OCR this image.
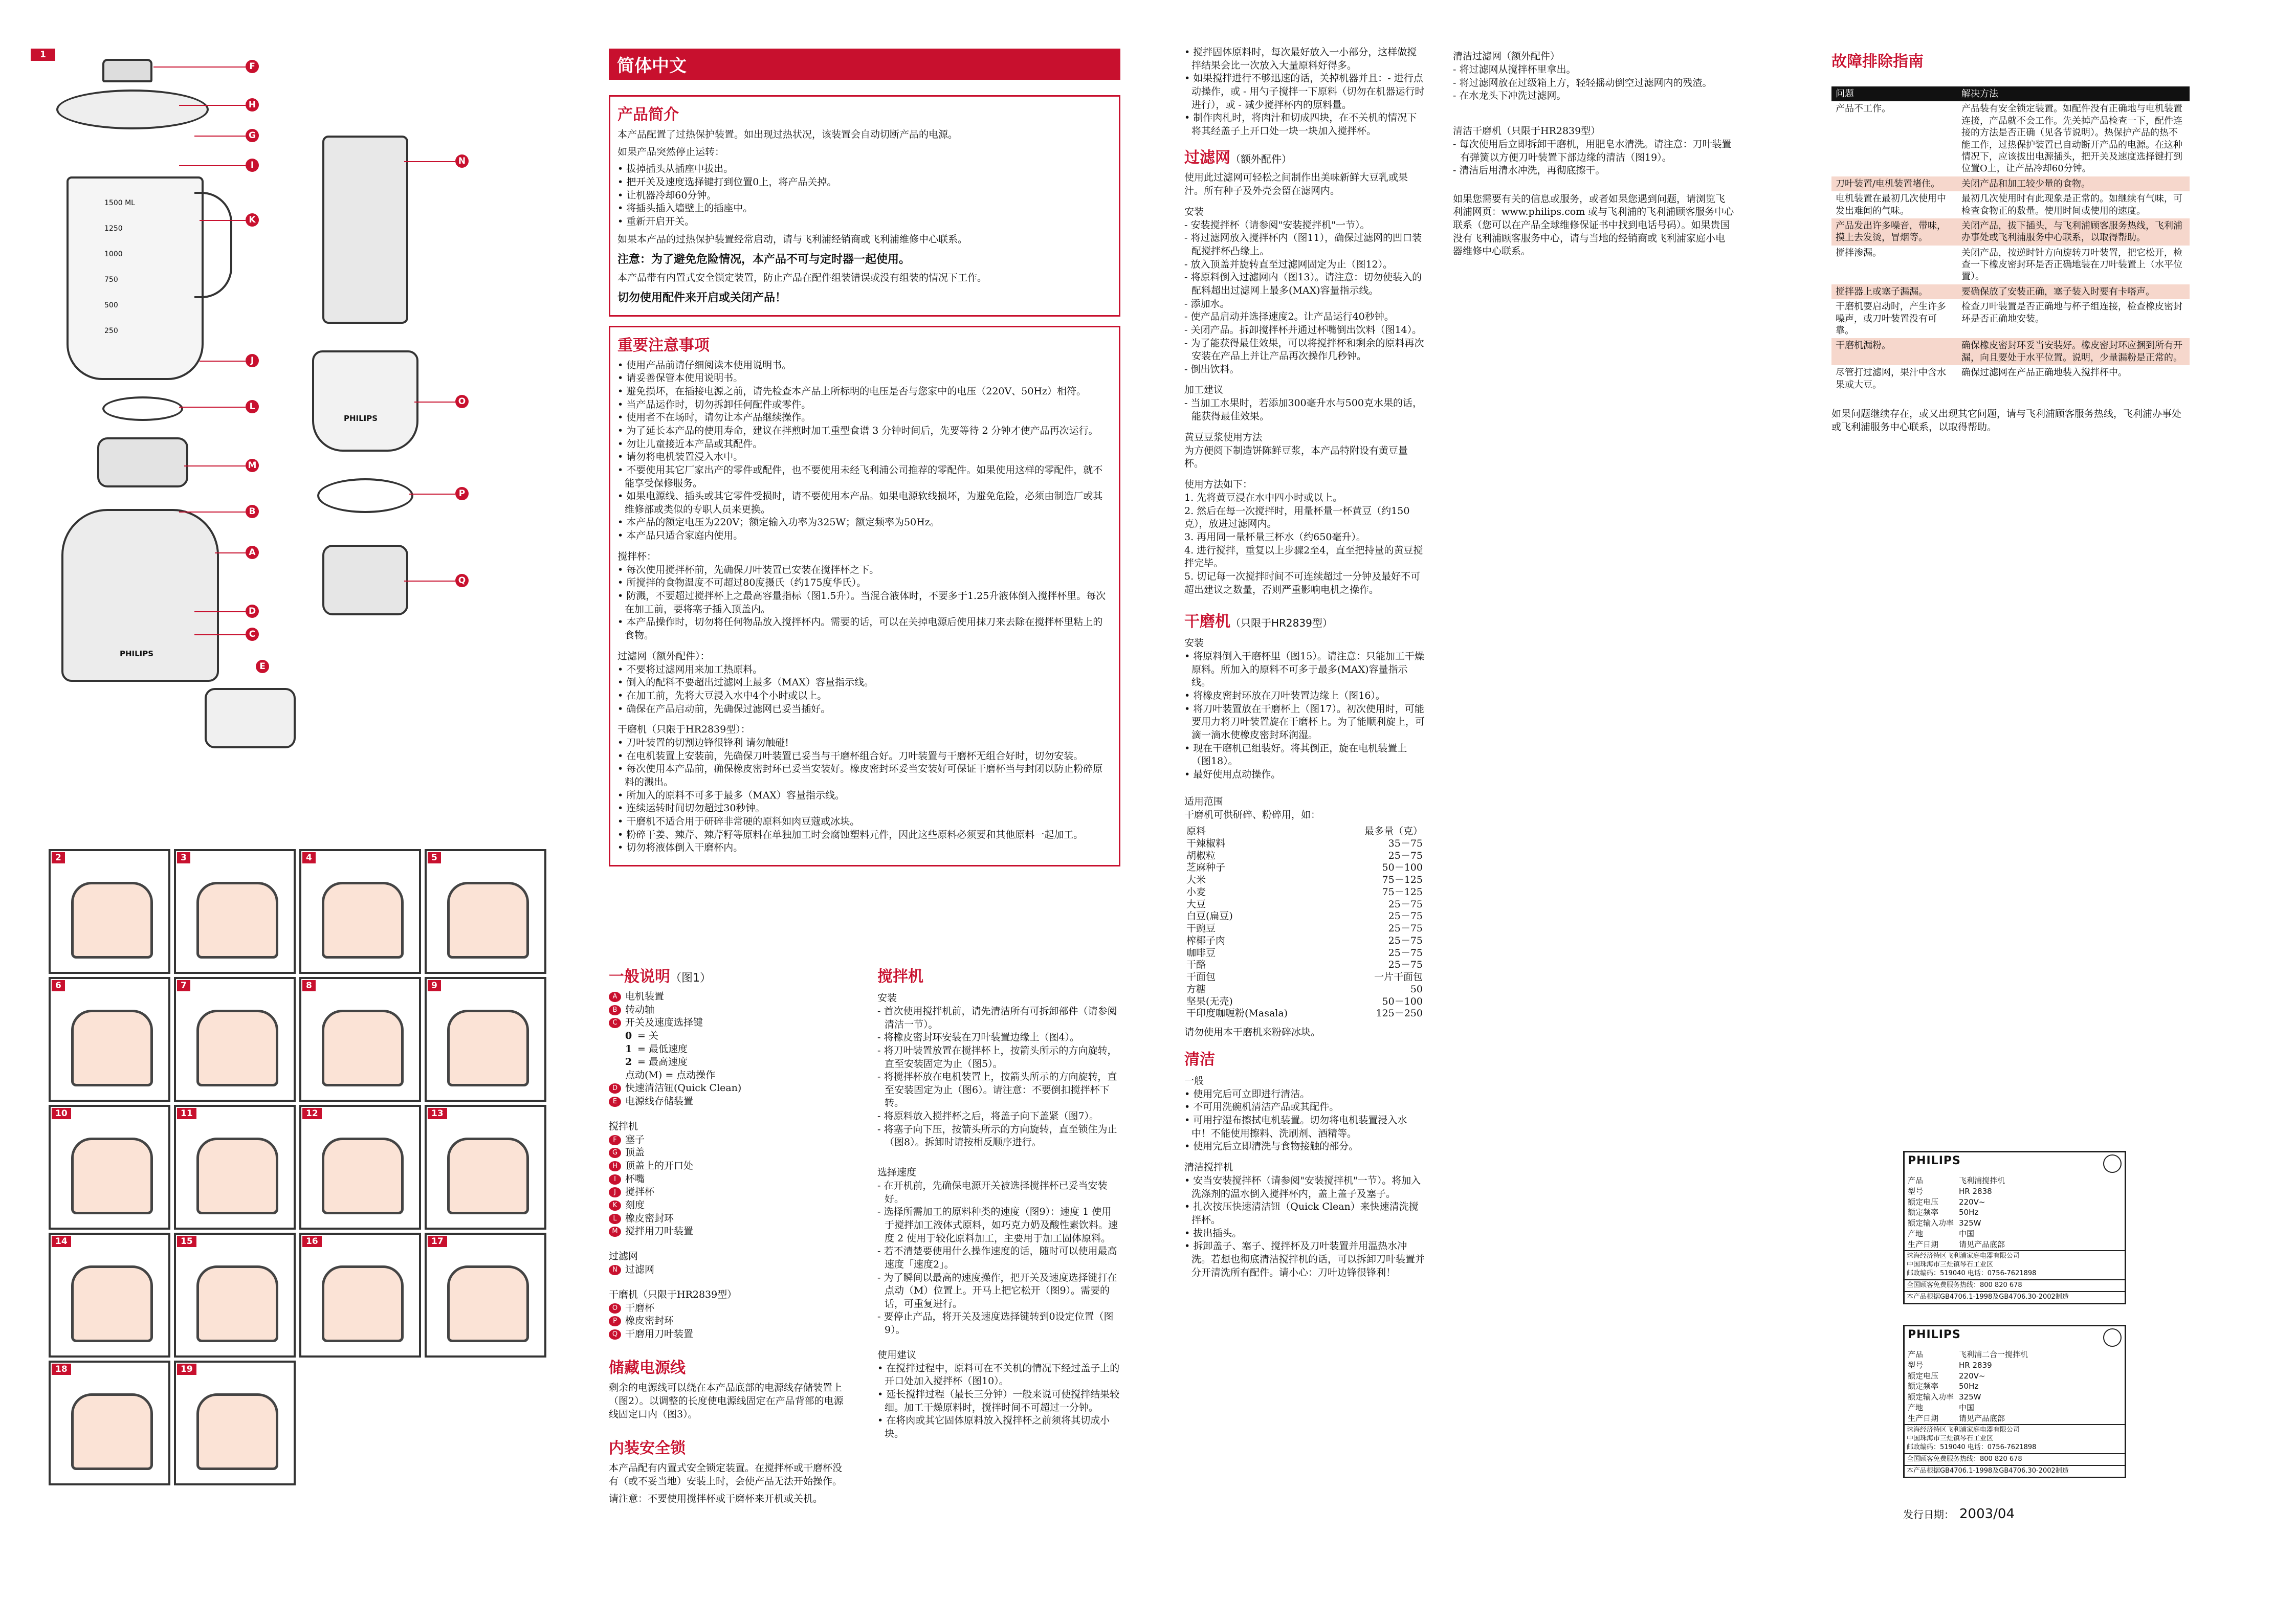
1
1500 ML
1250
1000
750
500
250
PHILIPS
PHILIPS
F
H
G
I
K
J
L
M
B
A
D
C
E
N
O
P
Q
2	3	4	5
6	7	8	9
10	11	12	13
14	15	16	17
18	19
简体中文
产品简介

本产品配置了过热保护装置。如出现过热状况，该装置会自动切断产品的电源。

如果产品突然停止运转：

• 拔掉插头从插座中拔出。
• 把开关及速度选择键打到位置0上，将产品关掉。
• 让机器冷却60分钟。
• 将插头插入墙壁上的插座中。
• 重新开启开关。

如果本产品的过热保护装置经常启动，请与飞利浦经销商或飞利浦维修中心联系。

注意：为了避免危险情况，本产品不可与定时器一起使用。

本产品带有内置式安全锁定装置，防止产品在配件组装错误或没有组装的情况下工作。

切勿使用配件来开启或关闭产品！
重要注意事项
• 使用产品前请仔细阅读本使用说明书。
• 请妥善保管本使用说明书。
• 避免损坏，在插接电源之前，请先检查本产品上所标明的电压是否与您家中的电压（220V、50Hz）相符。
• 当产品运作时，切勿拆卸任何配件或零件。
• 使用者不在场时，请勿让本产品继续操作。
• 为了延长本产品的使用寿命，建议在拌煎时加工重型食谱 3 分钟时间后，先要等待 2 分钟才使产品再次运行。
• 勿让儿童接近本产品或其配件。
• 请勿将电机装置浸入水中。
• 不要使用其它厂家出产的零件或配件，也不要使用未经飞利浦公司推荐的零配件。如果使用这样的零配件，就不能享受保修服务。
• 如果电源线、插头或其它零件受损时，请不要使用本产品。如果电源软线损坏，为避免危险，必须由制造厂或其维修部或类似的专职人员来更换。
• 本产品的额定电压为220V；额定输入功率为325W；额定频率为50Hz。
• 本产品只适合家庭内使用。
搅拌杯：
• 每次使用搅拌杯前，先确保刀叶装置已安装在搅拌杯之下。
• 所搅拌的食物温度不可超过80度摄氏（约175度华氏）。
• 防溅，不要超过搅拌杯上之最高容量指标（图1.5升）。当混合液体时，不要多于1.25升液体倒入搅拌杯里。每次在加工前，要将塞子插入顶盖内。
• 本产品操作时，切勿将任何物品放入搅拌杯内。需要的话，可以在关掉电源后使用抹刀来去除在搅拌杯里粘上的食物。
过滤网（额外配件）：
• 不要将过滤网用来加工热原料。
• 倒入的配料不要超出过滤网上最多（MAX）容量指示线。
• 在加工前，先将大豆浸入水中4个小时或以上。
• 确保在产品启动前，先确保过滤网已妥当插好。
干磨机（只限于HR2839型）：
• 刀叶装置的切割边锋很锋利 请勿触碰!
• 在电机装置上安装前，先确保刀叶装置已妥当与干磨杯组合好。刀叶装置与干磨杯无组合好时，切勿安装。
• 每次使用本产品前，确保橡皮密封环已妥当安装好。橡皮密封环妥当安装好可保证干磨杯当与封闭以防止粉碎原料的溅出。
• 所加入的原料不可多于最多（MAX）容量指示线。
• 连续运转时间切勿超过30秒钟。
• 干磨机不适合用于研碎非常硬的原料如肉豆蔻或冰块。
• 粉碎干姜、辣芹、辣芹籽等原料在单独加工时会腐蚀塑料元件，因此这些原料必须要和其他原料一起加工。
• 切勿将液体倒入干磨杯内。
一般说明（图1）
A 电机装置
B 转动轴
C 开关及速度选择键
0 = 关
1 = 最低速度
2 = 最高速度
点动(M) = 点动操作
D 快速清洁钮(Quick Clean)
E 电源线存储装置
搅拌机
F 塞子
G 顶盖
H 顶盖上的开口处
I 杯嘴
J 搅拌杯
K 刻度
L 橡皮密封环
M 搅拌用刀叶装置
过滤网
N 过滤网
干磨机（只限于HR2839型）
O 干磨杯
P 橡皮密封环
Q 干磨用刀叶装置
储藏电源线

剩余的电源线可以绕在本产品底部的电源线存储装置上（图2）。以调整的长度使电源线固定在产品背部的电源线固定口内（图3）。

内装安全锁

本产品配有内置式安全锁定装置。在搅拌杯或干磨杯没有（或不妥当地）安装上时，会使产品无法开始操作。

请注意：不要使用搅拌杯或干磨杯来开机或关机。

搅拌机
安装
- 首次使用搅拌机前，请先清洁所有可拆卸部件（请参阅清洁一节）。
- 将橡皮密封环安装在刀叶装置边缘上（图4）。
- 将刀叶装置放置在搅拌杯上，按箭头所示的方向旋转，直至安装固定为止（图5）。
- 将搅拌杯放在电机装置上，按箭头所示的方向旋转，直至安装固定为止（图6）。请注意：不要倒扣搅拌杯下转。
- 将原料放入搅拌杯之后，将盖子向下盖紧（图7）。
- 将塞子向下压，按箭头所示的方向旋转，直至锁住为止（图8）。拆卸时请按相反顺序进行。
选择速度
- 在开机前，先确保电源开关被选择搅拌杯已妥当安装好。
- 选择所需加工的原料种类的速度（图9）：速度 1 使用于搅拌加工液体式原料，如巧克力奶及酸性素饮料。速度 2 使用于较化原料加工，主要用于加工固体原料。
- 若不清楚要使用什么操作速度的话，随时可以使用最高速度「速度2」。
- 为了瞬间以最高的速度操作，把开关及速度选择键打在点动（M）位置上。开马上把它松开（图9）。需要的话，可重复进行。
- 要停止产品，将开关及速度选择键转到0设定位置（图9）。
使用建议
• 在搅拌过程中，原料可在不关机的情况下经过盖子上的开口处加入搅拌杯（图10）。
• 延长搅拌过程（最长三分钟）一般来说可使搅拌结果较细。加工干燥原料时，搅拌时间不可超过一分钟。
• 在将肉或其它固体原料放入搅拌杯之前须将其切成小块。
• 搅拌固体原料时，每次最好放入一小部分，这样做搅拌结果会比一次放入大量原料好得多。
• 如果搅拌进行不够迅速的话，关掉机器并且：- 进行点动操作，或 - 用勺子搅拌一下原料（切勿在机器运行时进行），或 - 减少搅拌杯内的原料量。
• 制作肉札时，将肉汁和切成四块，在不关机的情况下将其经盖子上开口处一块一块加入搅拌杯。
过滤网（额外配件）

使用此过滤网可轻松之间制作出美味新鲜大豆乳或果汁。所有种子及外壳会留在滤网内。

安装
- 安装搅拌杯（请参阅"安装搅拌机"一节）。
- 将过滤网放入搅拌杯内（图11），确保过滤网的凹口装配搅拌杯凸缘上。
- 放入顶盖并旋转直至过滤网固定为止（图12）。
- 将原料倒入过滤网内（图13）。请注意：切勿使装入的配料超出过滤网上最多(MAX)容量指示线。
- 添加水。
- 使产品启动并选择速度2。让产品运行40秒钟。
- 关闭产品。拆卸搅拌杯并通过杯嘴倒出饮料（图14）。
- 为了能获得最佳效果，可以将搅拌杯和剩余的原料再次安装在产品上并让产品再次操作几秒钟。
- 倒出饮料。
加工建议
- 当加工水果时，若添加300毫升水与500克水果的话，能获得最佳效果。
黄豆豆浆使用方法

为方便阅下制造饼陈鲜豆浆，本产品特附设有黄豆量杯。

使用方法如下：

1. 先将黄豆浸在水中四小时或以上。

2. 然后在每一次搅拌时，用量杯量一杯黄豆（约150克），放进过滤网内。

3. 再用同一量杯量三杯水（约650毫升）。

4. 进行搅拌，重复以上步骤2至4，直至把持量的黄豆搅拌完毕。

5. 切记每一次搅拌时间不可连续超过一分钟及最好不可超出建议之数量，否则严重影响电机之操作。

干磨机（只限于HR2839型）
安装
• 将原料倒入干磨杯里（图15）。请注意：只能加工干燥原料。所加入的原料不可多于最多(MAX)容量指示线。
• 将橡皮密封环放在刀叶装置边缘上（图16）。
• 将刀叶装置放在干磨杯上（图17）。初次使用时，可能要用力将刀叶装置旋在干磨杯上。为了能顺利旋上，可滴一滴水使橡皮密封环润湿。
• 现在干磨机已组装好。将其倒正，旋在电机装置上（图18）。
• 最好使用点动操作。
适用范围

干磨机可供研碎、粉碎用，如：

原料	最多量（克）
干辣椒料	35－75
胡椒粒	25－75
芝麻种子	50－100
大米	75－125
小麦	75－125
大豆	25－75
白豆(扁豆)	25－75
干豌豆	25－75
榨椰子肉	25－75
咖啡豆	25－75
干酪	25－75
干面包	一片干面包
方糖	50
坚果(无壳)	50－100
干印度咖喱粉(Masala)	125－250

请勿使用本干磨机来粉碎冰块。

清洁
一般
• 使用完后可立即进行清洁。
• 不可用洗碗机清洁产品或其配件。
• 可用拧湿布擦拭电机装置。切勿将电机装置浸入水中！不能使用擦料、洗刷剂、酒精等。
• 使用完后立即清洗与食物接触的部分。
清洁搅拌机
• 安当安装搅拌杯（请参阅"安装搅拌机"一节）。将加入洗涤剂的温水倒入搅拌杯内，盖上盖子及塞子。
• 扎次按压快速清洁钮（Quick Clean）来快速清洗搅拌杯。
• 拔出插头。
• 拆卸盖子、塞子、搅拌杯及刀叶装置并用温热水冲洗。若想也彻底清洁搅拌机的话，可以拆卸刀叶装置并分开清洗所有配件。请小心：刀叶边锋很锋利！
清洁过滤网（额外配件）
- 将过滤网从搅拌杯里拿出。
- 将过滤网放在过级箱上方，轻轻摇动倒空过滤网内的残渣。
- 在水龙头下冲洗过滤网。
清洁干磨机（只限于HR2839型）
- 每次使用后立即拆卸干磨机，用肥皂水清洗。请注意：刀叶装置有弹簧以方便刀叶装置下部边缘的清洁（图19）。
- 清洁后用清水冲洗，再彻底擦干。

如果您需要有关的信息或服务，或者如果您遇到问题，请浏览飞利浦网页：www.philips.com 或与飞利浦的飞利浦顾客服务中心联系（您可以在产品全球维修保证书中找到电话号码）。如果贵国没有飞利浦顾客服务中心，请与当地的经销商或飞利浦家庭小电器维修中心联系。

故障排除指南
问题	解决方法
产品不工作。	产品装有安全锁定装置。如配件没有正确地与电机装置连接，产品就不会工作。先关掉产品检查一下，配件连接的方法是否正确（见各节说明）。热保护产品的热不能工作，过热保护装置已自动断开产品的电源。在这种情况下，应该拔出电源插头，把开关及速度选择键打到位置O上，让产品冷却60分钟。
刀叶装置/电机装置堵住。	关闭产品和加工较少量的食物。
电机装置在最初几次使用中发出难闻的气味。	最初几次使用时有此现象是正常的。如继续有气味，可检查食物正的数量。使用时间或使用的速度。
产品发出许多噪音，带味，摸上去发烫，冒烟等。	关闭产品，拔下插头，与飞利浦顾客服务热线，飞利浦办事处或飞利浦服务中心联系，以取得帮助。
搅拌渗漏。	关闭产品，按逆时针方向旋转刀叶装置，把它松开，检查一下橡皮密封环是否正确地装在刀叶装置上（水平位置）。
搅拌器上或塞子漏漏。	要确保放了安装正确，塞子装入时要有卡嗒声。
干磨机要启动时，产生许多噪声，或刀叶装置没有可靠。	检查刀叶装置是否正确地与杯子组连接，检查橡皮密封环是否正确地安装。
干磨机漏粉。	确保橡皮密封环妥当安装好。橡皮密封环应捆到所有开漏，向且要处于水平位置。说明，少量漏粉是正常的。
尽管打过滤网，果汁中含水果或大豆。	确保过滤网在产品正确地装入搅拌杯中。

如果问题继续存在，或又出现其它问题，请与飞利浦顾客服务热线，飞利浦办事处或飞利浦服务中心联系，以取得帮助。

PHILIPS
产品	飞利浦搅拌机
型号	HR 2838
额定电压	220V~
额定频率	50Hz
额定输入功率	325W
产地	中国
生产日期	请见产品底部
珠海经济特区飞利浦家庭电器有限公司
中国珠海市三灶镇琴石工业区
邮政编码：519040 电话：0756-7621898
全国顾客免费服务热线：800 820 678
本产品根据GB4706.1-1998及GB4706.30-2002制造
PHILIPS
产品	飞利浦二合一搅拌机
型号	HR 2839
额定电压	220V~
额定频率	50Hz
额定输入功率	325W
产地	中国
生产日期	请见产品底部
珠海经济特区飞利浦家庭电器有限公司
中国珠海市三灶镇琴石工业区
邮政编码：519040 电话：0756-7621898
全国顾客免费服务热线：800 820 678
本产品根据GB4706.1-1998及GB4706.30-2002制造
发行日期： 2003/04
